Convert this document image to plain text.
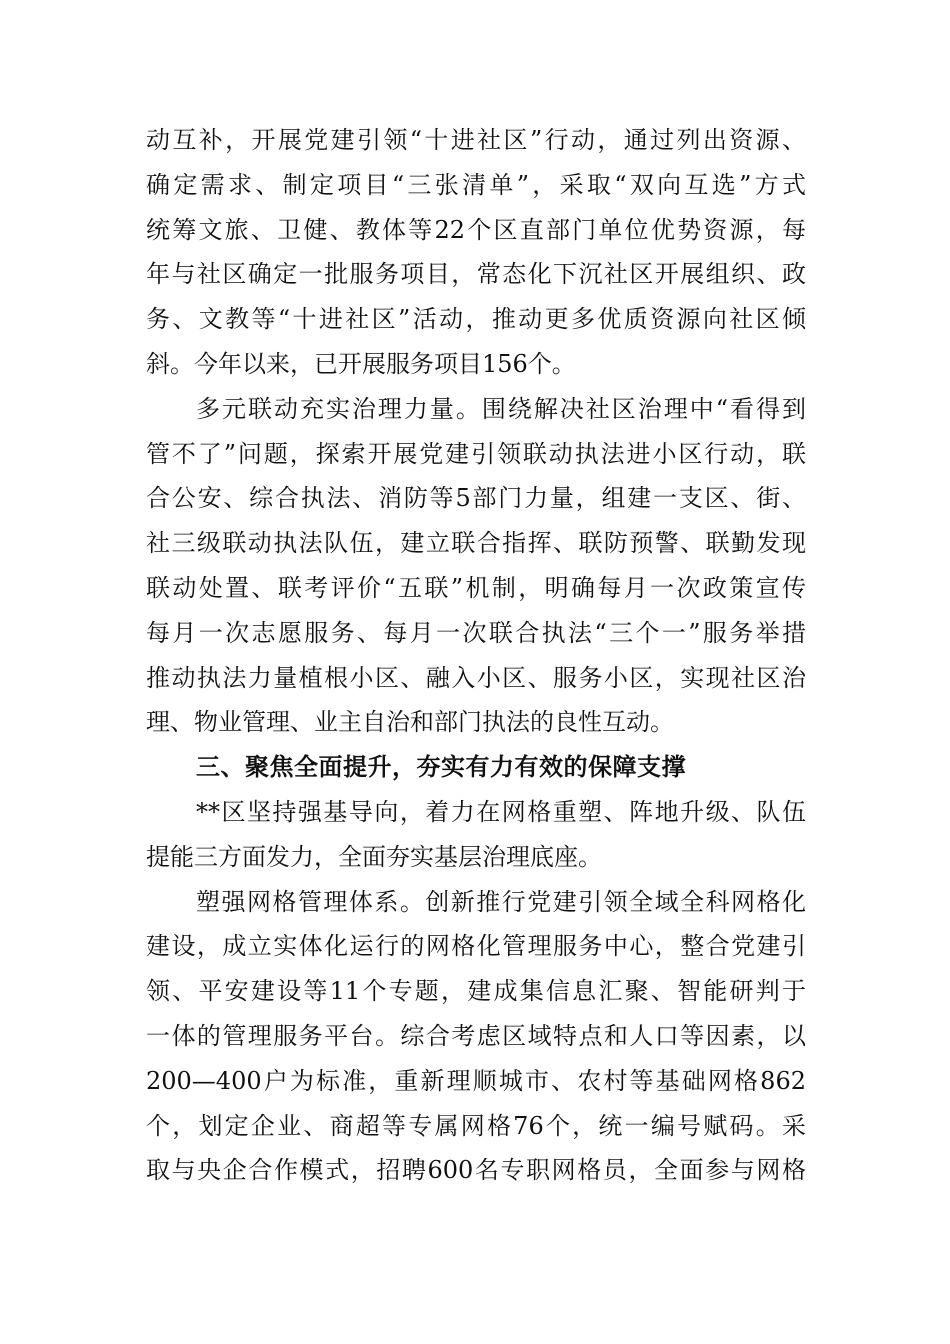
动互补，开展党建引领“十进社区”行动，通过列出资源、
确定需求、制定项目“三张清单”，采取“双向互选”方式
统筹文旅、卫健、教体等22个区直部门单位优势资源，每
年与社区确定一批服务项目，常态化下沉社区开展组织、政
务、文教等“十进社区”活动，推动更多优质资源向社区倾
斜。今年以来，已开展服务项目156个。
多元联动充实治理力量。围绕解决社区治理中“看得到
管不了”问题，探索开展党建引领联动执法进小区行动，联
合公安、综合执法、消防等5部门力量，组建一支区、街、
社三级联动执法队伍，建立联合指挥、联防预警、联勤发现
联动处置、联考评价“五联”机制，明确每月一次政策宣传
每月一次志愿服务、每月一次联合执法“三个一”服务举措
推动执法力量植根小区、融入小区、服务小区，实现社区治
理、物业管理、业主自治和部门执法的良性互动。
三、聚焦全面提升，夯实有力有效的保障支撑
**区坚持强基导向，着力在网格重塑、阵地升级、队伍
提能三方面发力，全面夯实基层治理底座。
塑强网格管理体系。创新推行党建引领全域全科网格化
建设，成立实体化运行的网格化管理服务中心，整合党建引
领、平安建设等11个专题，建成集信息汇聚、智能研判于
一体的管理服务平台。综合考虑区域特点和人口等因素，以
200—400户为标准，重新理顺城市、农村等基础网格862
个，划定企业、商超等专属网格76个，统一编号赋码。采
取与央企合作模式，招聘600名专职网格员，全面参与网格
